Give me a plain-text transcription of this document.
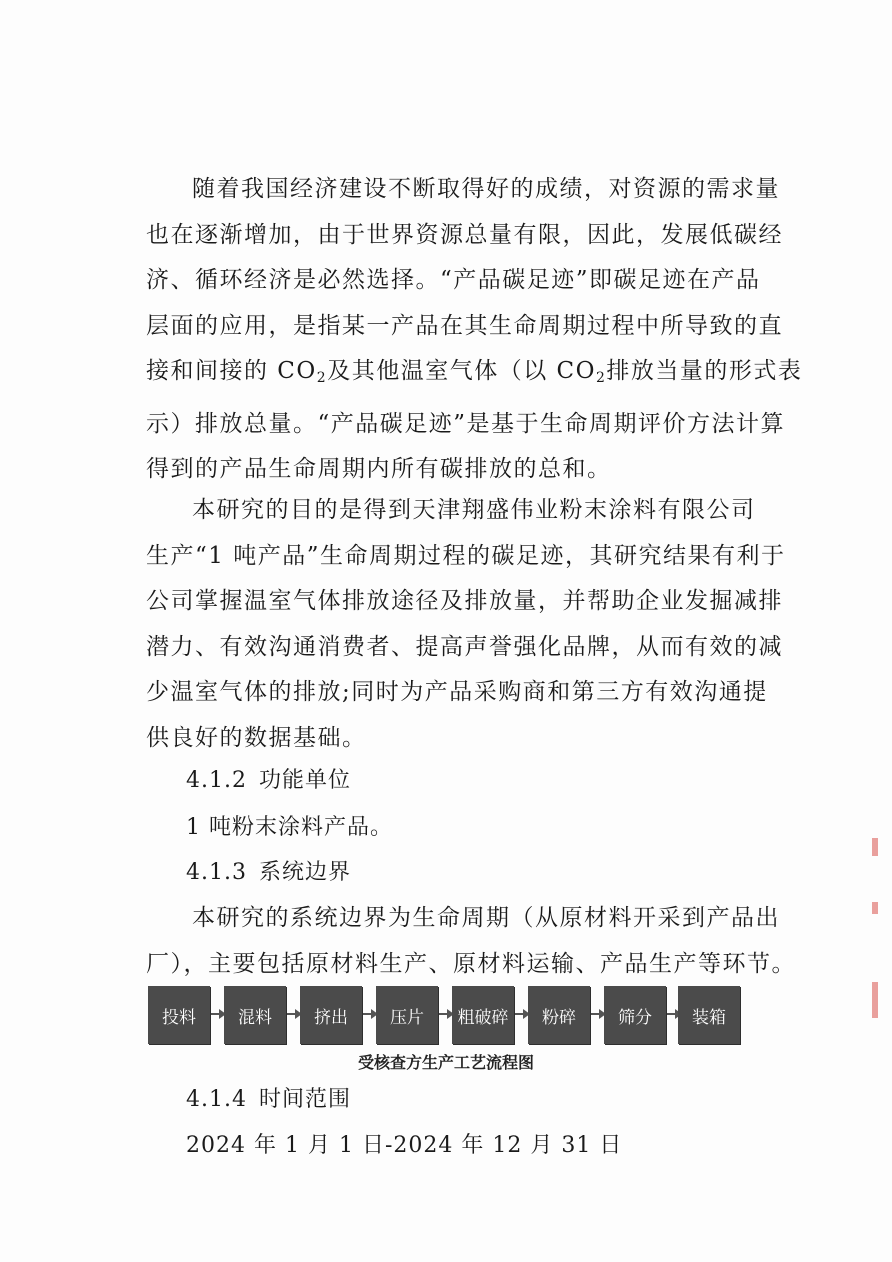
随着我国经济建设不断取得好的成绩，对资源的需求量
也在逐渐增加，由于世界资源总量有限，因此，发展低碳经
济、循环经济是必然选择。“产品碳足迹”即碳足迹在产品
层面的应用，是指某一产品在其生命周期过程中所导致的直
接和间接的 $CO_2$及其他温室气体（以 $CO_2$排放当量的形式表
示）排放总量。“产品碳足迹”是基于生命周期评价方法计算
得到的产品生命周期内所有碳排放的总和。
本研究的目的是得到天津翔盛伟业粉末涂料有限公司
生产“1 吨产品”生命周期过程的碳足迹，其研究结果有利于
公司掌握温室气体排放途径及排放量，并帮助企业发掘减排
潜力、有效沟通消费者、提高声誉强化品牌，从而有效的减
少温室气体的排放;同时为产品采购商和第三方有效沟通提
供良好的数据基础。
4.1.2 功能单位
1 吨粉末涂料产品。
4.1.3 系统边界
本研究的系统边界为生命周期（从原材料开采到产品出
厂），主要包括原材料生产、原材料运输、产品生产等环节。
投料	混料	挤出	压片	粗破碎	粉碎	筛分	装箱
受核查方生产工艺流程图
4.1.4 时间范围
2024 年 1 月 1 日-2024 年 12 月 31 日
